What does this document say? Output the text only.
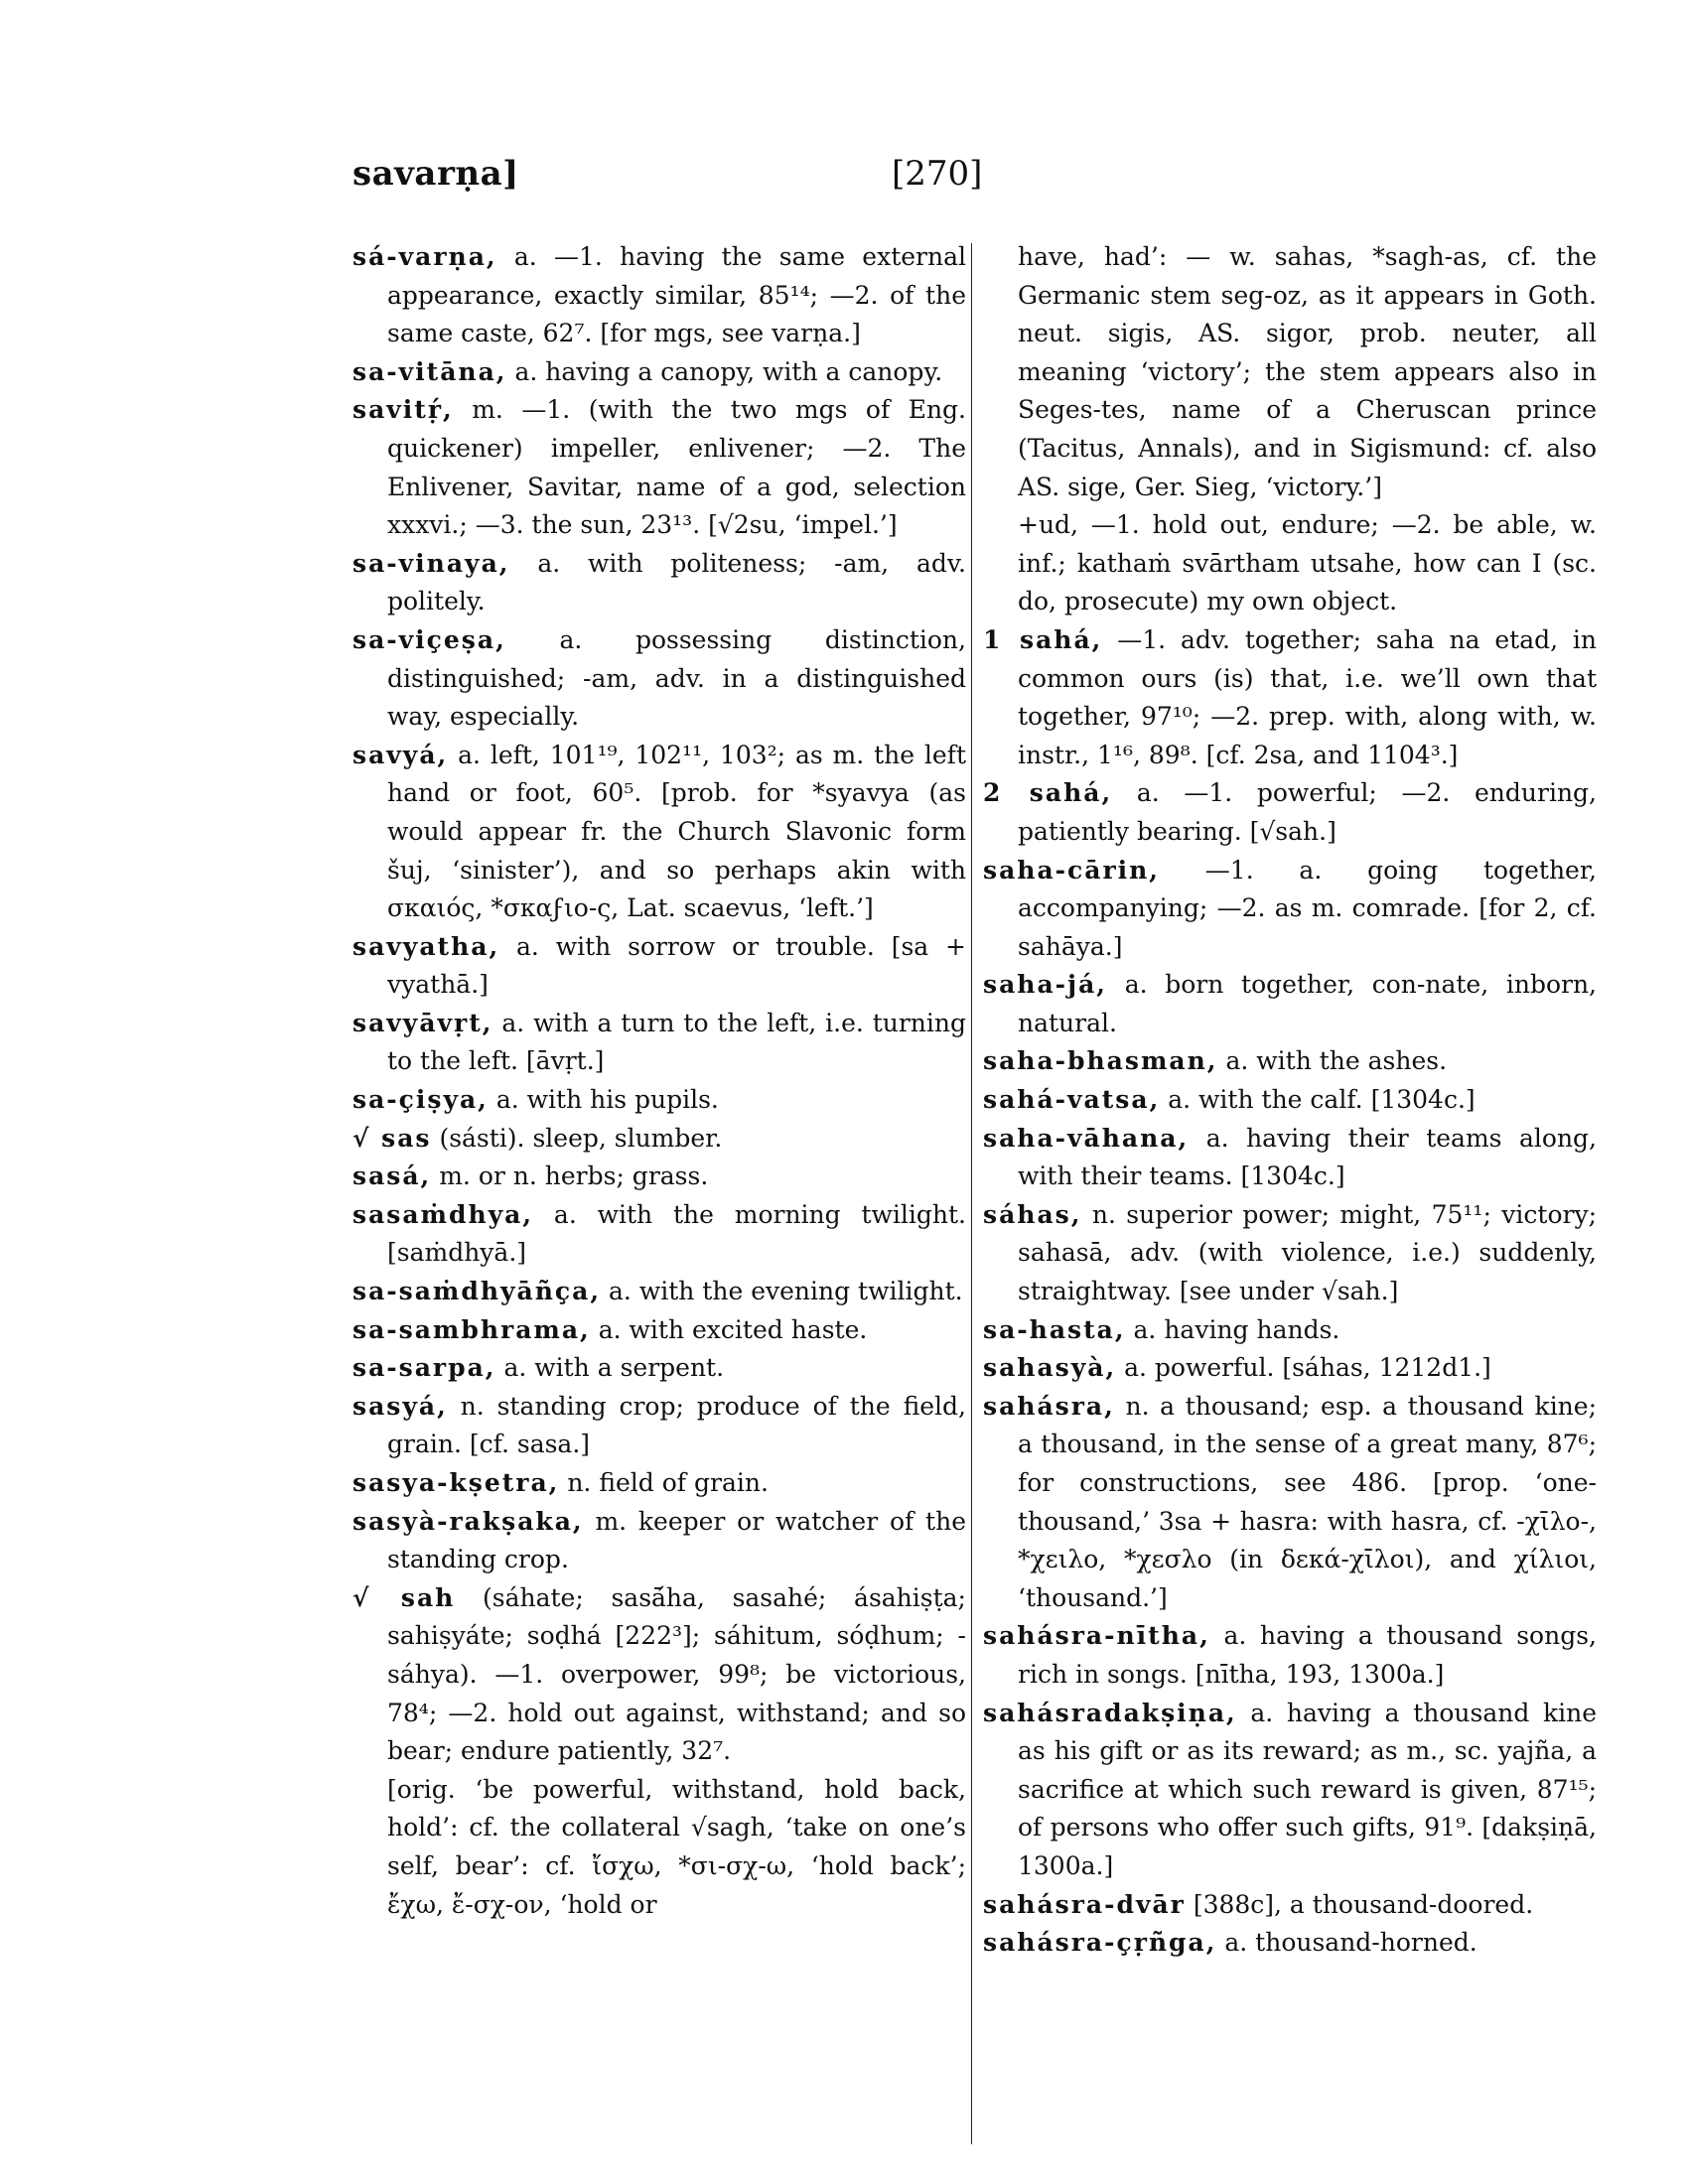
savarṇa]	[270]
sá-varṇa, a. —1. having the same external appearance, exactly similar, 85¹⁴; —2. of the same caste, 62⁷. [for mgs, see varṇa.]
sa-vitāna, a. having a canopy, with a canopy.
savitṛ́, m. —1. (with the two mgs of Eng. quickener) impeller, enlivener; —2. The Enlivener, Savitar, name of a god, selection xxxvi.; —3. the sun, 23¹³. [√2su, ‘impel.’]
sa-vinaya, a. with politeness; -am, adv. politely.
sa-viçeṣa, a. possessing distinction, distinguished; -am, adv. in a distinguished way, especially.
savyá, a. left, 101¹⁹, 102¹¹, 103²; as m. the left hand or foot, 60⁵. [prob. for *syavya (as would appear fr. the Church Slavonic form šuj, ‘sinister’), and so perhaps akin with σκαιός, *σκαϝιο-ς, Lat. scaevus, ‘left.’]
savyatha, a. with sorrow or trouble. [sa + vyathā.]
savyāvṛt, a. with a turn to the left, i.e. turning to the left. [āvṛt.]
sa-çiṣya, a. with his pupils.
√ sas (sásti). sleep, slumber.
sasá, m. or n. herbs; grass.
sasaṁdhya, a. with the morning twilight. [saṁdhyā.]
sa-saṁdhyāñça, a. with the evening twilight.
sa-sambhrama, a. with excited haste.
sa-sarpa, a. with a serpent.
sasyá, n. standing crop; produce of the field, grain. [cf. sasa.]
sasya-kṣetra, n. field of grain.
sasyà-rakṣaka, m. keeper or watcher of the standing crop.
√ sah (sáhate; sasā́ha, sasahé; ásahiṣṭa; sahiṣyáte; soḍhá [222³]; sáhitum, sóḍhum; -sáhya). —1. overpower, 99⁸; be victorious, 78⁴; —2. hold out against, withstand; and so bear; endure patiently, 32⁷.
[orig. ‘be powerful, withstand, hold back, hold’: cf. the collateral √sagh, ‘take on one’s self, bear’: cf. ἴσχω, *σι-σχ-ω, ‘hold back’; ἔχω, ἔ-σχ-ον, ‘hold or
have, had’: — w. sahas, *sagh-as, cf. the Germanic stem seg-oz, as it appears in Goth. neut. sigis, AS. sigor, prob. neuter, all meaning ‘victory’; the stem appears also in Seges-tes, name of a Cheruscan prince (Tacitus, Annals), and in Sigismund: cf. also AS. sige, Ger. Sieg, ‘victory.’]
+ud, —1. hold out, endure; —2. be able, w. inf.; kathaṁ svārtham utsahe, how can I (sc. do, prosecute) my own object.
1 sahá, —1. adv. together; saha na etad, in common ours (is) that, i.e. we’ll own that together, 97¹⁰; —2. prep. with, along with, w. instr., 1¹⁶, 89⁸. [cf. 2sa, and 1104³.]
2 sahá, a. —1. powerful; —2. enduring, patiently bearing. [√sah.]
saha-cārin, —1. a. going together, accompanying; —2. as m. comrade. [for 2, cf. sahāya.]
saha-já, a. born together, con-nate, inborn, natural.
saha-bhasman, a. with the ashes.
sahá-vatsa, a. with the calf. [1304c.]
saha-vāhana, a. having their teams along, with their teams. [1304c.]
sáhas, n. superior power; might, 75¹¹; victory; sahasā, adv. (with violence, i.e.) suddenly, straightway. [see under √sah.]
sa-hasta, a. having hands.
sahasyà, a. powerful. [sáhas, 1212d1.]
sahásra, n. a thousand; esp. a thousand kine; a thousand, in the sense of a great many, 87⁶; for constructions, see 486. [prop. ‘one-thousand,’ 3sa + hasra: with hasra, cf. -χῑλο-, *χειλο, *χεσλο (in δεκά-χῑλοι), and χίλιοι, ‘thousand.’]
sahásra-nītha, a. having a thousand songs, rich in songs. [nītha, 193, 1300a.]
sahásradakṣiṇa, a. having a thousand kine as his gift or as its reward; as m., sc. yajña, a sacrifice at which such reward is given, 87¹⁵; of persons who offer such gifts, 91⁹. [dakṣiṇā, 1300a.]
sahásra-dvār [388c], a thousand-doored.
sahásra-çṛñga, a. thousand-horned.
